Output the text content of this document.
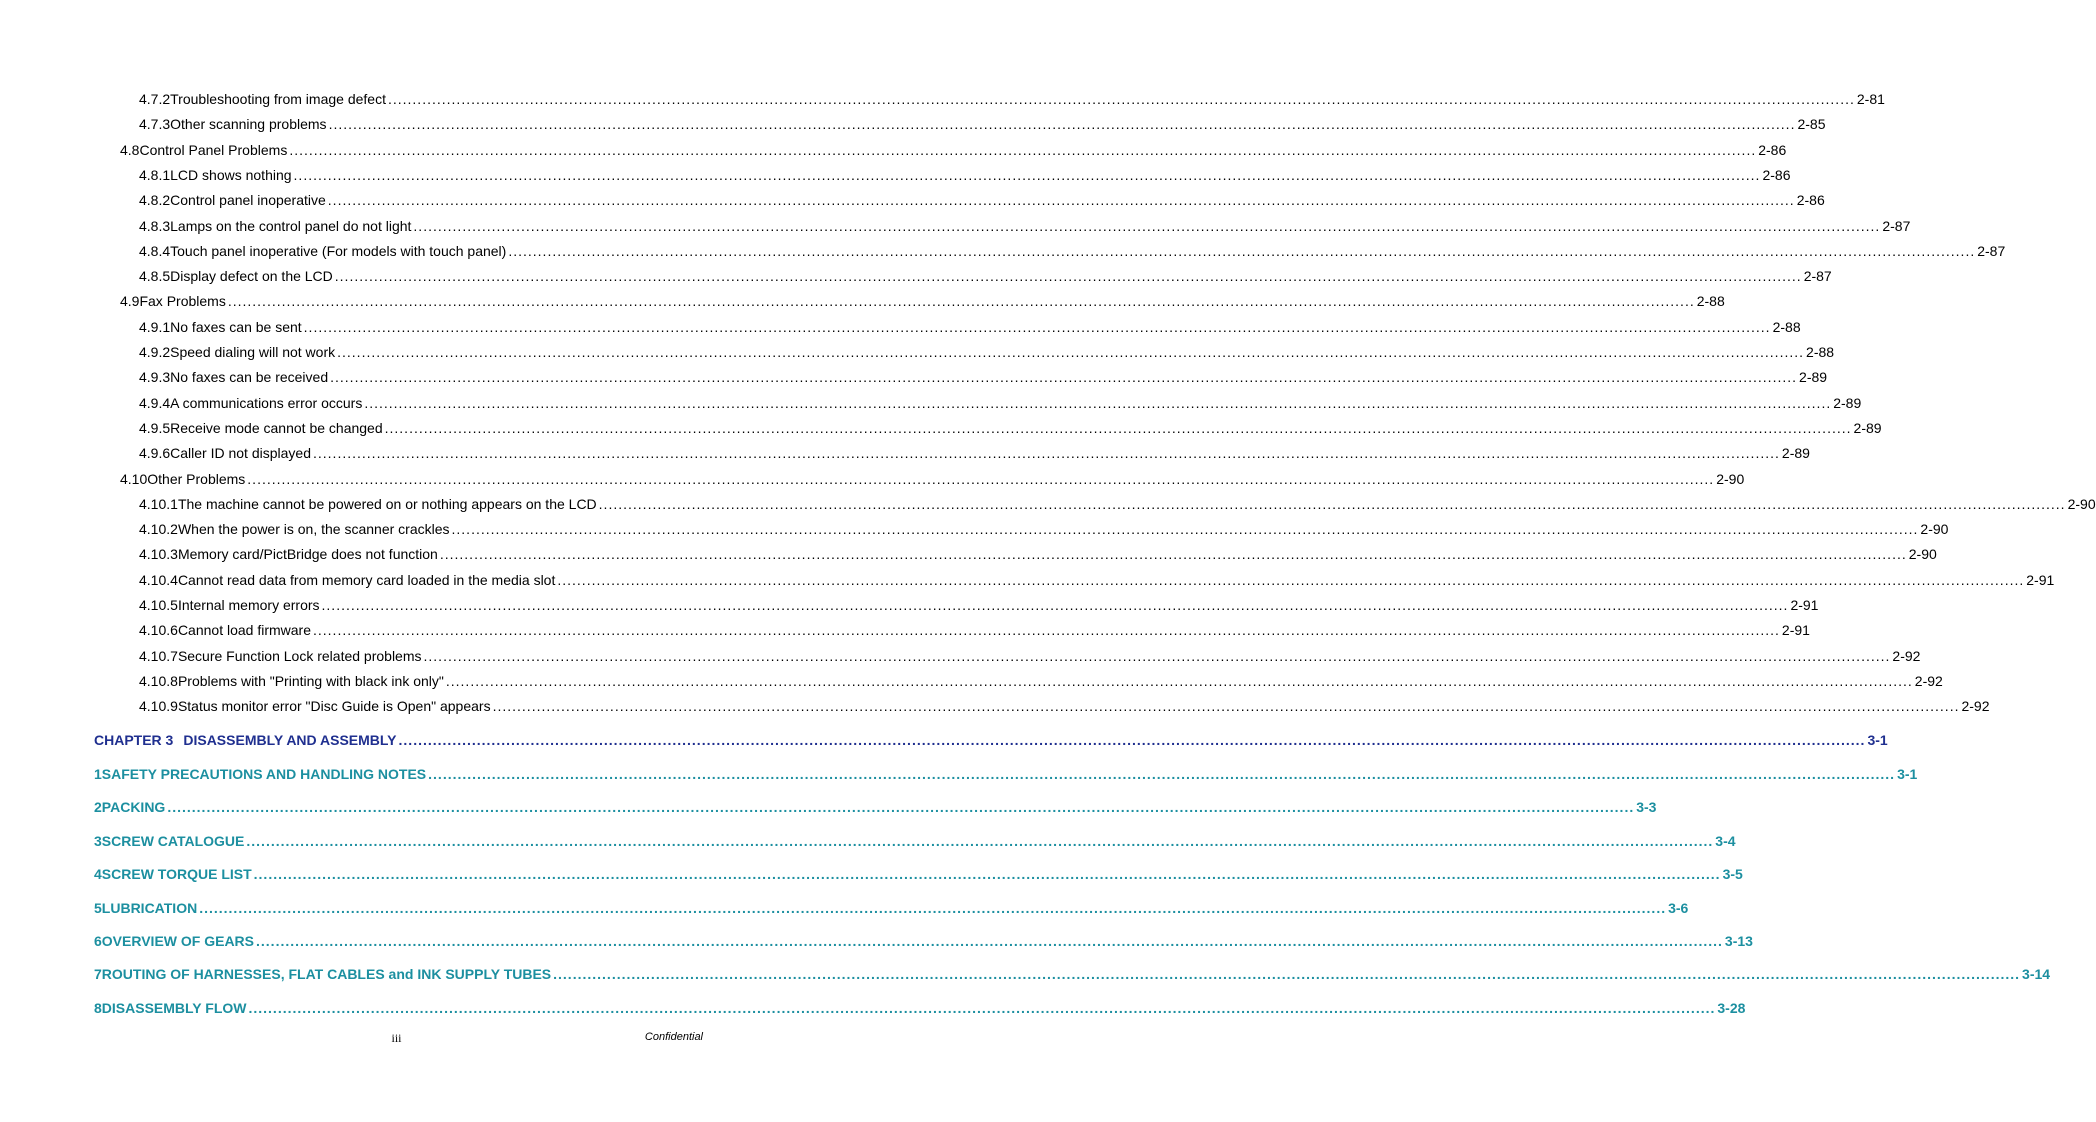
4.7.2 Troubleshooting from image defect ............................................................................................................................................................................................................................................................................................................ 2-81
4.7.3 Other scanning problems ............................................................................................................................................................................................................................................................................................................ 2-85
4.8 Control Panel Problems ............................................................................................................................................................................................................................................................................................................ 2-86
4.8.1 LCD shows nothing ............................................................................................................................................................................................................................................................................................................ 2-86
4.8.2 Control panel inoperative ............................................................................................................................................................................................................................................................................................................ 2-86
4.8.3 Lamps on the control panel do not light ............................................................................................................................................................................................................................................................................................................ 2-87
4.8.4 Touch panel inoperative (For models with touch panel) ............................................................................................................................................................................................................................................................................................................ 2-87
4.8.5 Display defect on the LCD ............................................................................................................................................................................................................................................................................................................ 2-87
4.9 Fax Problems ............................................................................................................................................................................................................................................................................................................ 2-88
4.9.1 No faxes can be sent ............................................................................................................................................................................................................................................................................................................ 2-88
4.9.2 Speed dialing will not work ............................................................................................................................................................................................................................................................................................................ 2-88
4.9.3 No faxes can be received ............................................................................................................................................................................................................................................................................................................ 2-89
4.9.4 A communications error occurs ............................................................................................................................................................................................................................................................................................................ 2-89
4.9.5 Receive mode cannot be changed ............................................................................................................................................................................................................................................................................................................ 2-89
4.9.6 Caller ID not displayed ............................................................................................................................................................................................................................................................................................................ 2-89
4.10 Other Problems ............................................................................................................................................................................................................................................................................................................ 2-90
4.10.1 The machine cannot be powered on or nothing appears on the LCD ............................................................................................................................................................................................................................................................................................................ 2-90
4.10.2 When the power is on, the scanner crackles ............................................................................................................................................................................................................................................................................................................ 2-90
4.10.3 Memory card/PictBridge does not function ............................................................................................................................................................................................................................................................................................................ 2-90
4.10.4 Cannot read data from memory card loaded in the media slot ............................................................................................................................................................................................................................................................................................................ 2-91
4.10.5 Internal memory errors ............................................................................................................................................................................................................................................................................................................ 2-91
4.10.6 Cannot load firmware ............................................................................................................................................................................................................................................................................................................ 2-91
4.10.7 Secure Function Lock related problems ............................................................................................................................................................................................................................................................................................................ 2-92
4.10.8 Problems with "Printing with black ink only" ............................................................................................................................................................................................................................................................................................................ 2-92
4.10.9 Status monitor error "Disc Guide is Open" appears ............................................................................................................................................................................................................................................................................................................ 2-92
CHAPTER 3 DISASSEMBLY AND ASSEMBLY ............................................................................................................................................................................................................................................................................................................ 3-1
1 SAFETY PRECAUTIONS AND HANDLING NOTES ............................................................................................................................................................................................................................................................................................................ 3-1
2 PACKING ............................................................................................................................................................................................................................................................................................................ 3-3
3 SCREW CATALOGUE ............................................................................................................................................................................................................................................................................................................ 3-4
4 SCREW TORQUE LIST ............................................................................................................................................................................................................................................................................................................ 3-5
5 LUBRICATION ............................................................................................................................................................................................................................................................................................................ 3-6
6 OVERVIEW OF GEARS ............................................................................................................................................................................................................................................................................................................ 3-13
7 ROUTING OF HARNESSES, FLAT CABLES and INK SUPPLY TUBES ............................................................................................................................................................................................................................................................................................................ 3-14
8 DISASSEMBLY FLOW ............................................................................................................................................................................................................................................................................................................ 3-28
iii	Confidential
